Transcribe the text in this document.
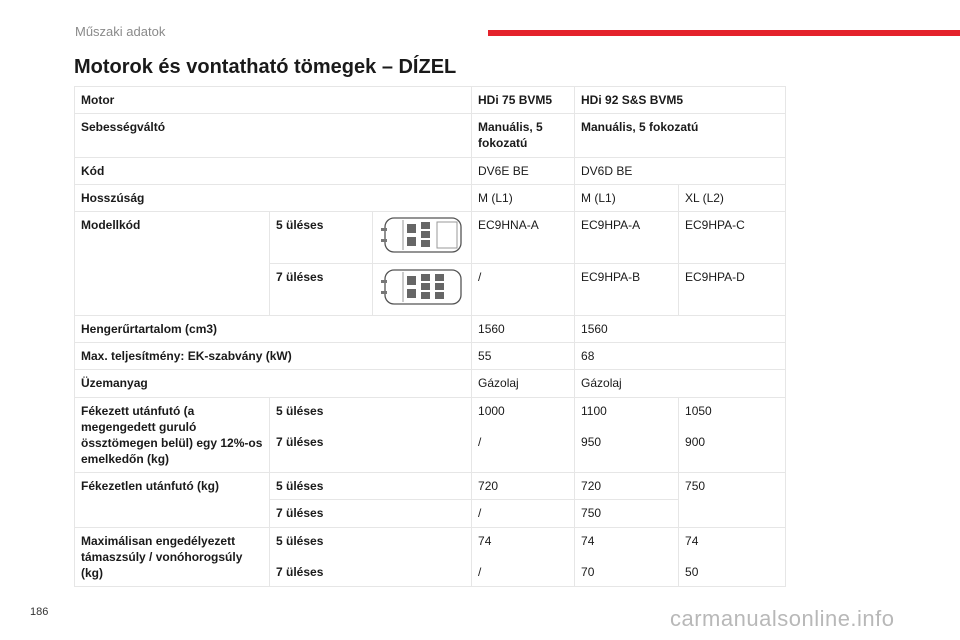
Műszaki adatok
Motorok és vontatható tömegek – DÍZEL
Motor			HDi 75 BVM5	HDi 92 S&S BVM5	
Sebességváltó			Manuális, 5 fokozatú	Manuális, 5 fokozatú	
Kód			DV6E BE	DV6D BE	
Hosszúság			M (L1)	M (L1)	XL (L2)
Modellkód	5 üléses		EC9HNA-A	EC9HPA-A	EC9HPA-C
	7 üléses		/	EC9HPA-B	EC9HPA-D
Hengerűrtartalom (cm3)			1560	1560	
Max. teljesítmény: EK-szabvány (kW)			55	68	
Üzemanyag			Gázolaj	Gázolaj	
Fékezett utánfutó (a megengedett guruló össztömegen belül) egy 12%-os emelkedőn (kg)	5 üléses		1000	1100	1050
	7 üléses		/	950	900
Fékezetlen utánfutó (kg)	5 üléses		720	720	750
	7 üléses		/	750	
Maximálisan engedélyezett támaszsúly / vonóhorogsúly (kg)	5 üléses		74	74	74
	7 üléses		/	70	50
186	carmanualsonline.info
